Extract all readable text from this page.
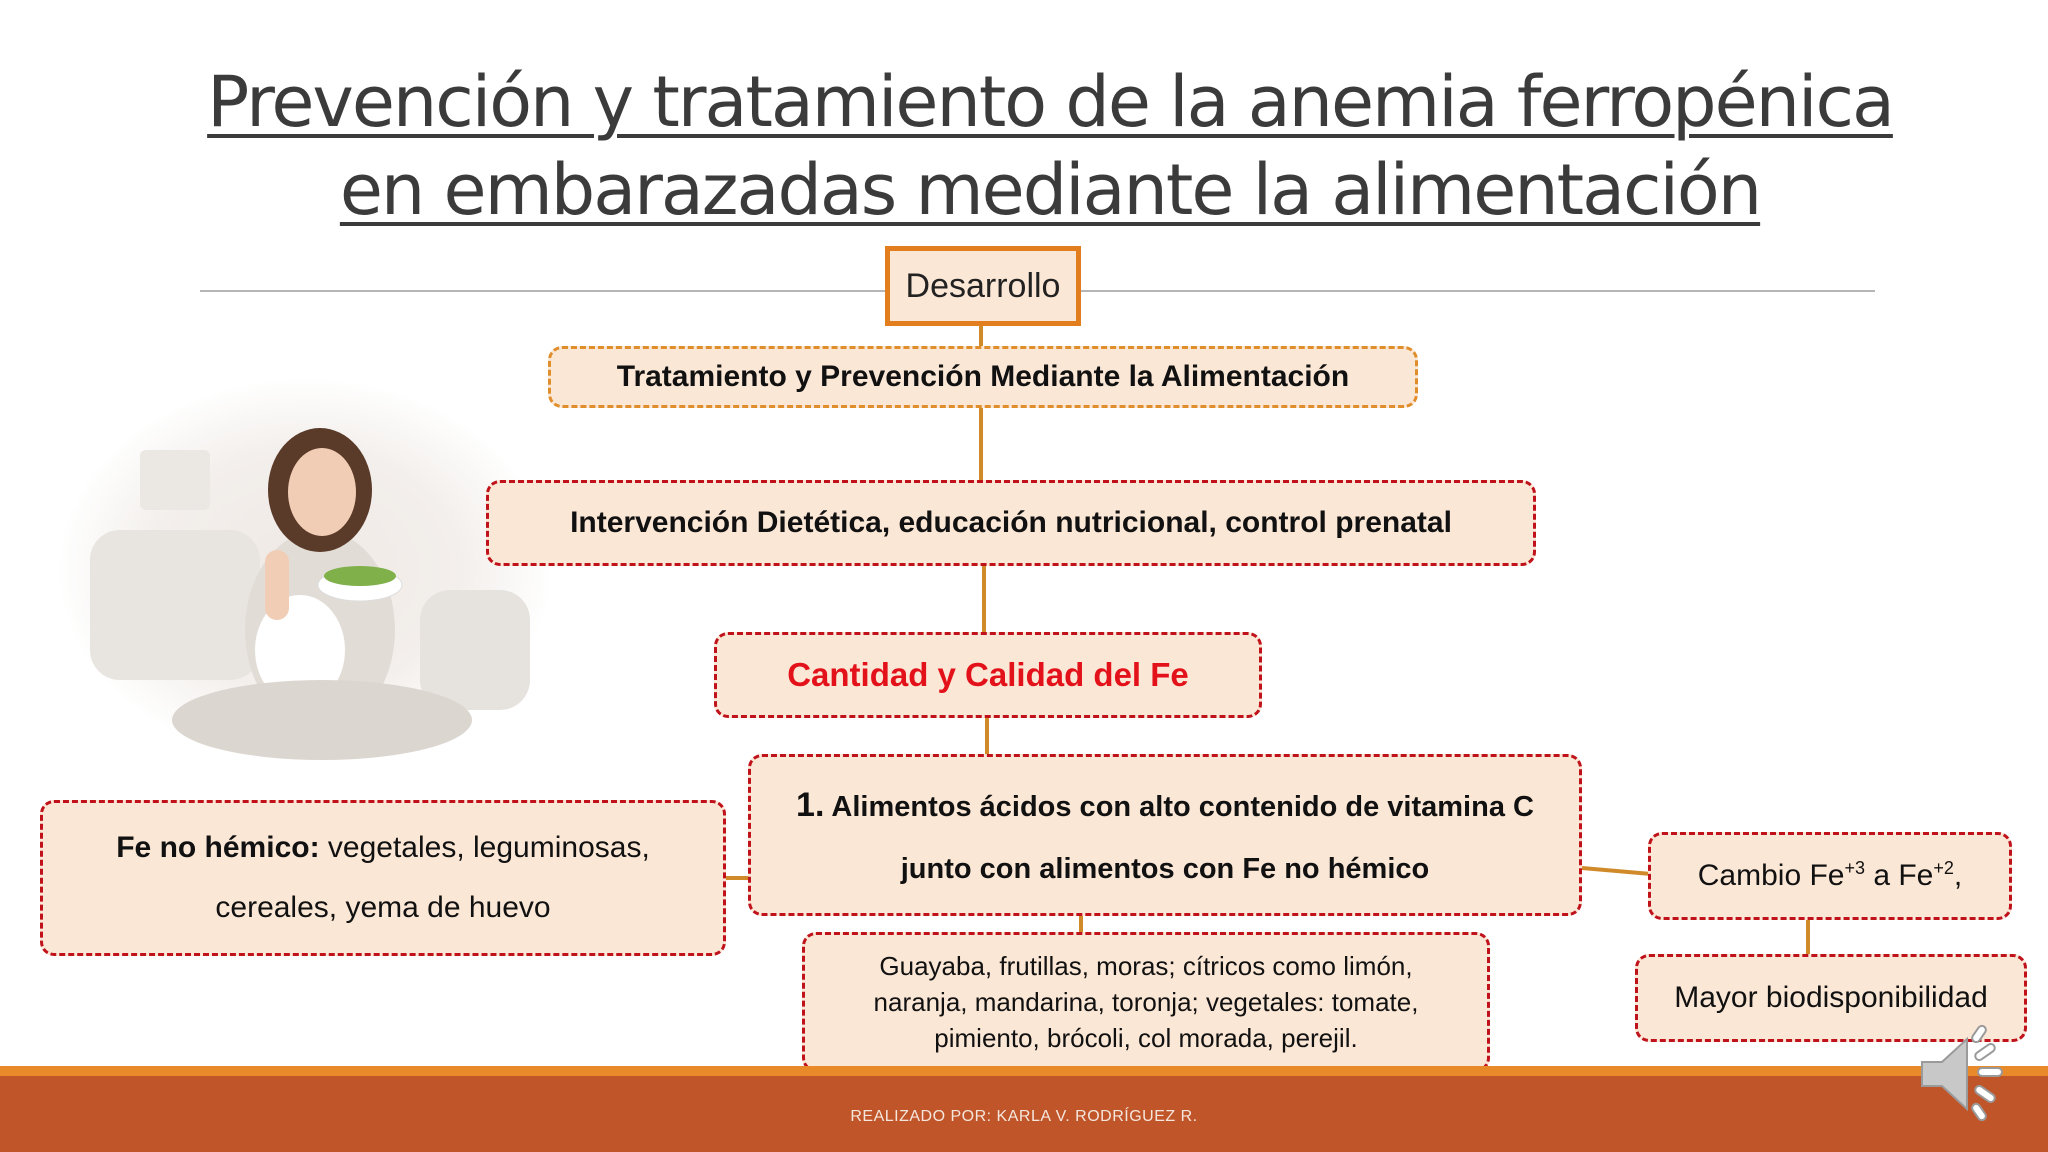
Prevención y tratamiento de la anemia ferropénica
en embarazadas mediante la alimentación
Desarrollo
Tratamiento y Prevención Mediante la Alimentación
Intervención Dietética, educación nutricional, control prenatal
Cantidad y Calidad del Fe
1. Alimentos ácidos con alto contenido de vitamina C
junto con alimentos con Fe no hémico
Fe no hémico: vegetales, leguminosas,
cereales, yema de huevo
Guayaba, frutillas, moras; cítricos como limón,
naranja, mandarina, toronja; vegetales: tomate,
pimiento, brócoli, col morada, perejil.
Cambio $Fe^{+3}$ a $Fe^{+2}$,
Mayor biodisponibilidad
REALIZADO POR: KARLA V. RODRÍGUEZ R.
